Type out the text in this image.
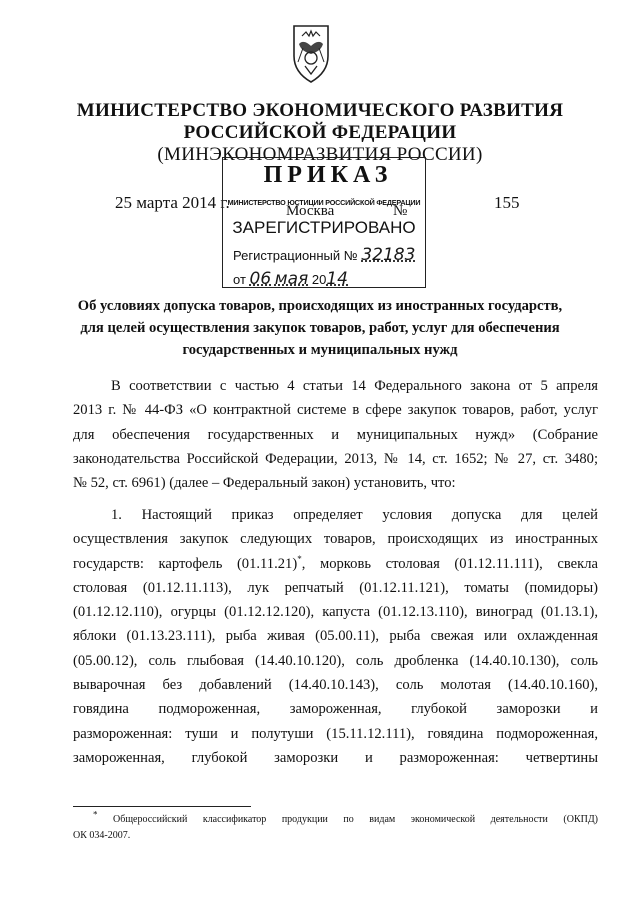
МИНИСТЕРСТВО ЭКОНОМИЧЕСКОГО РАЗВИТИЯ
РОССИЙСКОЙ ФЕДЕРАЦИИ
(МИНЭКОНОМРАЗВИТИЯ РОССИИ)
ПРИКАЗ
25 марта 2014 г.	Москва	№	155
МИНИСТЕРСТВО ЮСТИЦИИ РОССИЙСКОЙ ФЕДЕРАЦИИ
ЗАРЕГИСТРИРОВАНО
Регистрационный № 32183
от 06 мая 2014
Об условиях допуска товаров, происходящих из иностранных государств,
для целей осуществления закупок товаров, работ, услуг для обеспечения
государственных и муниципальных нужд
В соответствии с частью 4 статьи 14 Федерального закона от 5 апреля
2013 г. № 44-ФЗ «О контрактной системе в сфере закупок товаров, работ, услуг
для обеспечения государственных и муниципальных нужд» (Собрание
законодательства Российской Федерации, 2013, № 14, ст. 1652; № 27, ст. 3480;
№ 52, ст. 6961) (далее – Федеральный закон) установить, что:
1. Настоящий приказ определяет условия допуска для целей
осуществления закупок следующих товаров, происходящих из иностранных
государств: картофель (01.11.21)*, морковь столовая (01.12.11.111), свекла
столовая (01.12.11.113), лук репчатый (01.12.11.121), томаты (помидоры)
(01.12.12.110), огурцы (01.12.12.120), капуста (01.12.13.110), виноград (01.13.1),
яблоки (01.13.23.111), рыба живая (05.00.11), рыба свежая или охлажденная
(05.00.12), соль глыбовая (14.40.10.120), соль дробленка (14.40.10.130), соль
выварочная без добавлений (14.40.10.143), соль молотая (14.40.10.160),
говядина подмороженная, замороженная, глубокой заморозки и
размороженная: туши и полутуши (15.11.12.111), говядина подмороженная,
замороженная, глубокой заморозки и размороженная: четвертины
* Общероссийский классификатор продукции по видам экономической деятельности (ОКПД)
ОК 034-2007.
